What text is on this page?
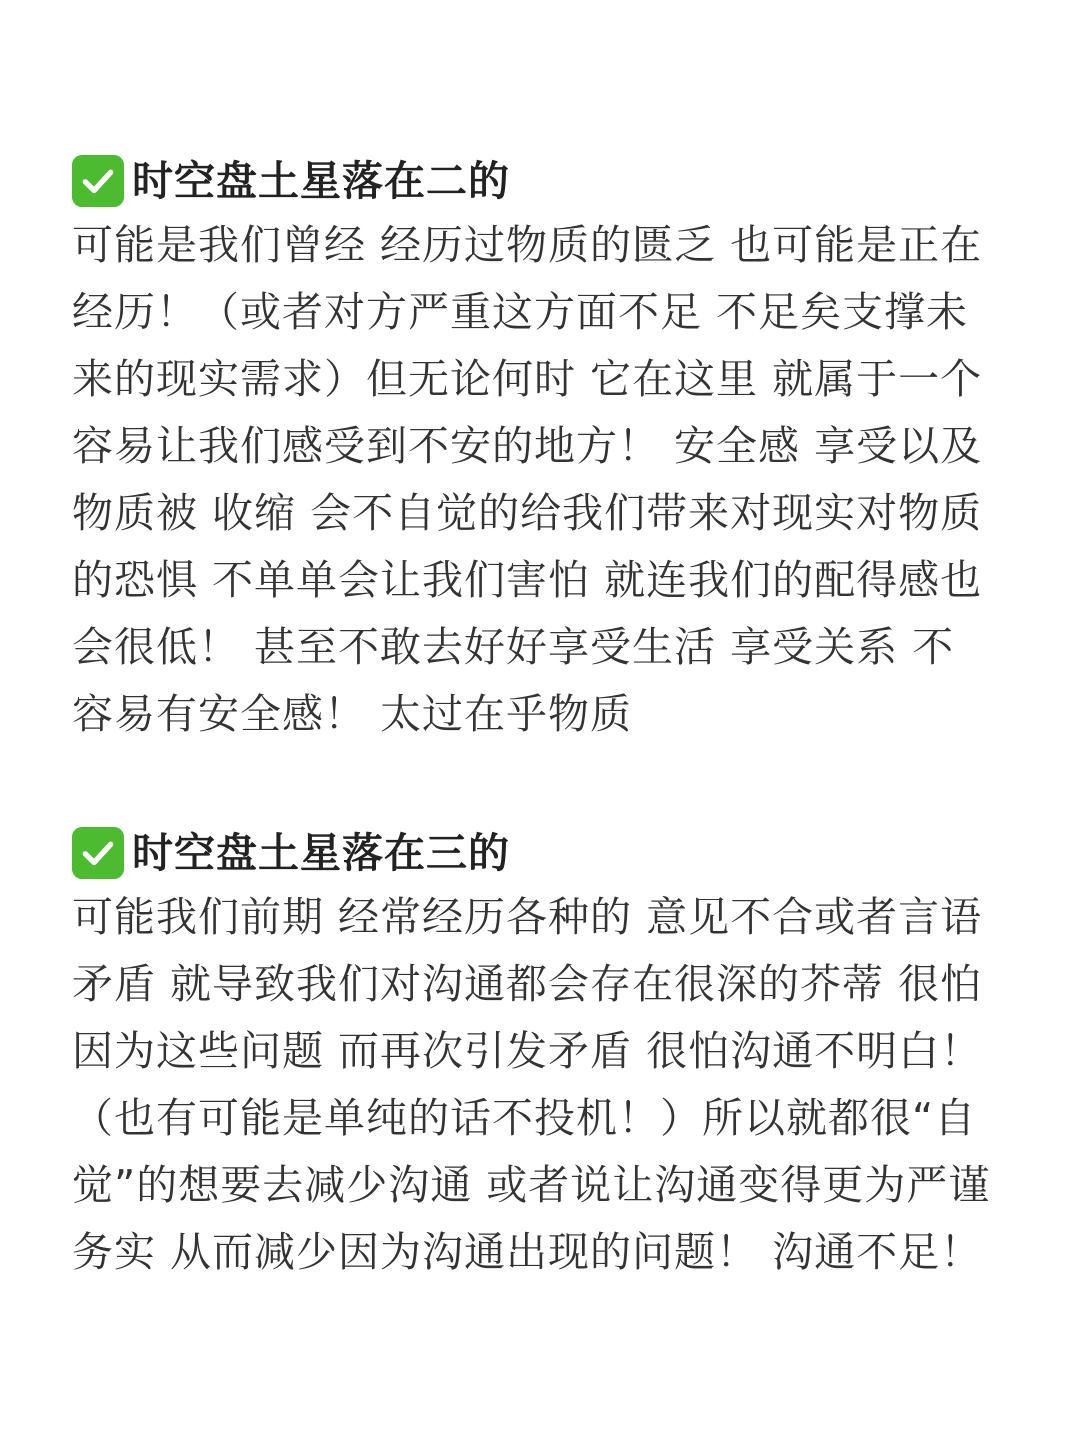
时空盘土星落在二的

可能是我们曾经 经历过物质的匮乏 也可能是正在经历！（或者对方严重这方面不足 不足矣支撑未来的现实需求）但无论何时 它在这里 就属于一个 容易让我们感受到不安的地方！ 安全感 享受以及物质被 收缩 会不自觉的给我们带来对现实对物质的恐惧 不单单会让我们害怕 就连我们的配得感也会很低！ 甚至不敢去好好享受生活 享受关系 不容易有安全感！ 太过在乎物质

时空盘土星落在三的

可能我们前期 经常经历各种的 意见不合或者言语矛盾 就导致我们对沟通都会存在很深的芥蒂 很怕因为这些问题 而再次引发矛盾 很怕沟通不明白！（也有可能是单纯的话不投机！）所以就都很“自觉”的想要去减少沟通 或者说让沟通变得更为严谨 务实 从而减少因为沟通出现的问题！ 沟通不足！
